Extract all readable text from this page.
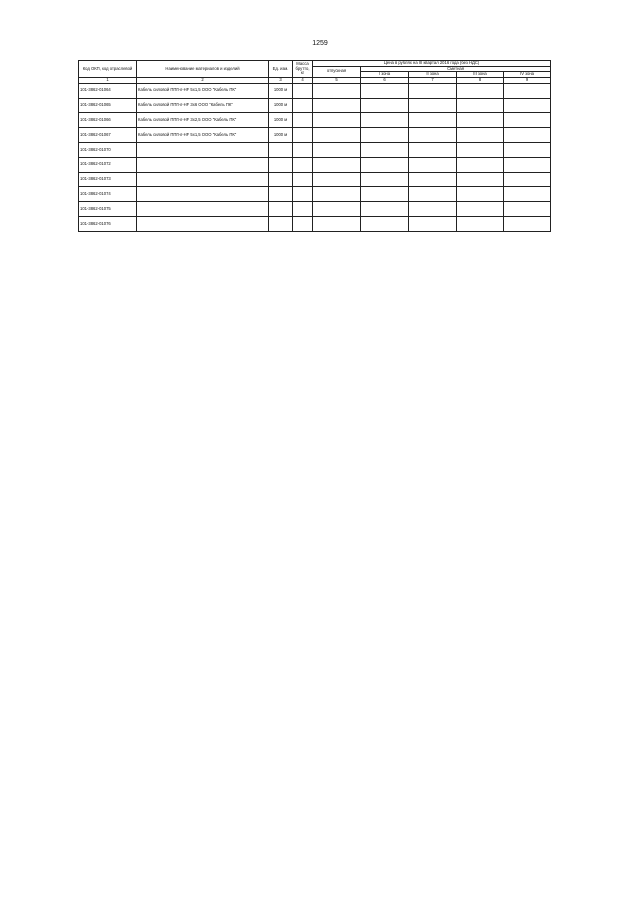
1259
Код ОКП, код отраслевой	Наименование материалов и изделий	Ед. изм.	Масса брутто, кг	Цена в рублях на III квартал 2016 года (без НДС)				
				отпускная	Сметная			
					I зона	II зона	III зона	IV зона
1	2	3	4	5	6	7	8	9
101-3862-01064	Кабель силовой ППГнг-HF 5х1,5 ООО "Кабель ПК"	1000 м						
101-3862-01065	Кабель силовой ППГнг-HF 3х6 ООО "Кабель ПК"	1000 м						
101-3862-01066	Кабель силовой ППГнг-HF 3х2,5 ООО "Кабель ПК"	1000 м						
101-3862-01067	Кабель силовой ППГнг-HF 5х1,5 ООО "Кабель ПК"	1000 м						
101-3862-01070								
101-3862-01072								
101-3862-01073								
101-3862-01074								
101-3862-01075								
101-3862-01076								
